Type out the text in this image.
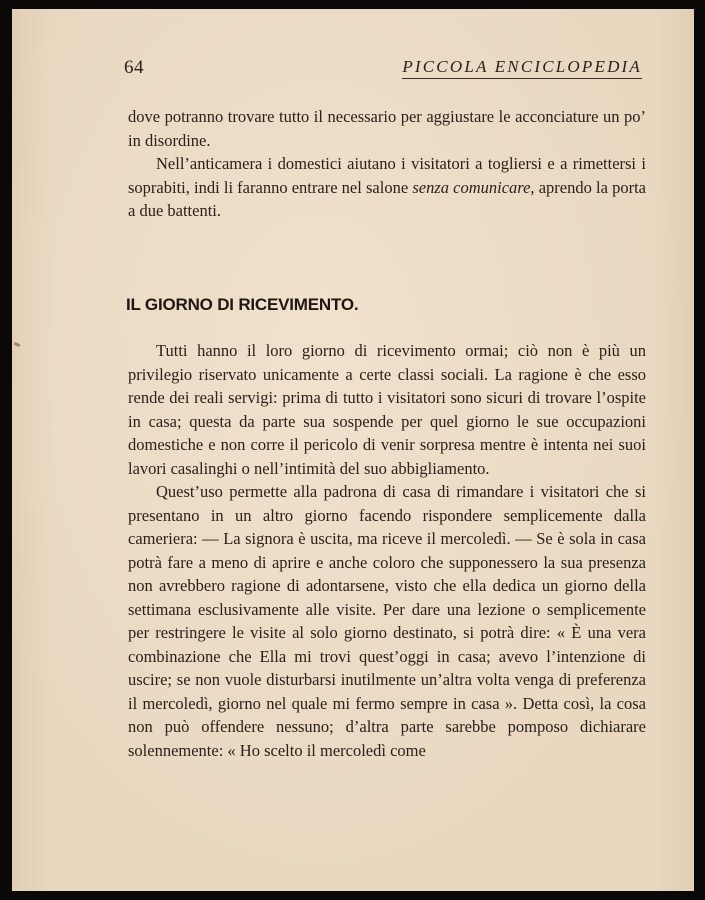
64	PICCOLA ENCICLOPEDIA

dove potranno trovare tutto il necessario per aggiustare le acconciature un po’ in disordine.

Nell’anticamera i domestici aiutano i visitatori a togliersi e a rimettersi i soprabiti, indi li faranno entrare nel salone senza comunicare, aprendo la porta a due battenti.

IL GIORNO DI RICEVIMENTO.

Tutti hanno il loro giorno di ricevimento ormai; ciò non è più un privilegio riservato unicamente a certe classi sociali. La ragione è che esso rende dei reali servigi: prima di tutto i visitatori sono sicuri di trovare l’ospite in casa; questa da parte sua sospende per quel giorno le sue occupazioni domestiche e non corre il pericolo di venir sorpresa mentre è intenta nei suoi lavori casalinghi o nell’intimità del suo abbigliamento.

Quest’uso permette alla padrona di casa di rimandare i visitatori che si presentano in un altro giorno facendo rispondere semplicemente dalla cameriera: — La signora è uscita, ma riceve il mercoledì. — Se è sola in casa potrà fare a meno di aprire e anche coloro che supponessero la sua presenza non avrebbero ragione di adontarsene, visto che ella dedica un giorno della settimana esclusivamente alle visite. Per dare una lezione o semplicemente per restringere le visite al solo giorno destinato, si potrà dire: « È una vera combinazione che Ella mi trovi quest’oggi in casa; avevo l’intenzione di uscire; se non vuole disturbarsi inutilmente un’altra volta venga di preferenza il mercoledì, giorno nel quale mi fermo sempre in casa ». Detta così, la cosa non può offendere nessuno; d’altra parte sarebbe pomposo dichiarare solennemente: « Ho scelto il mercoledì come
